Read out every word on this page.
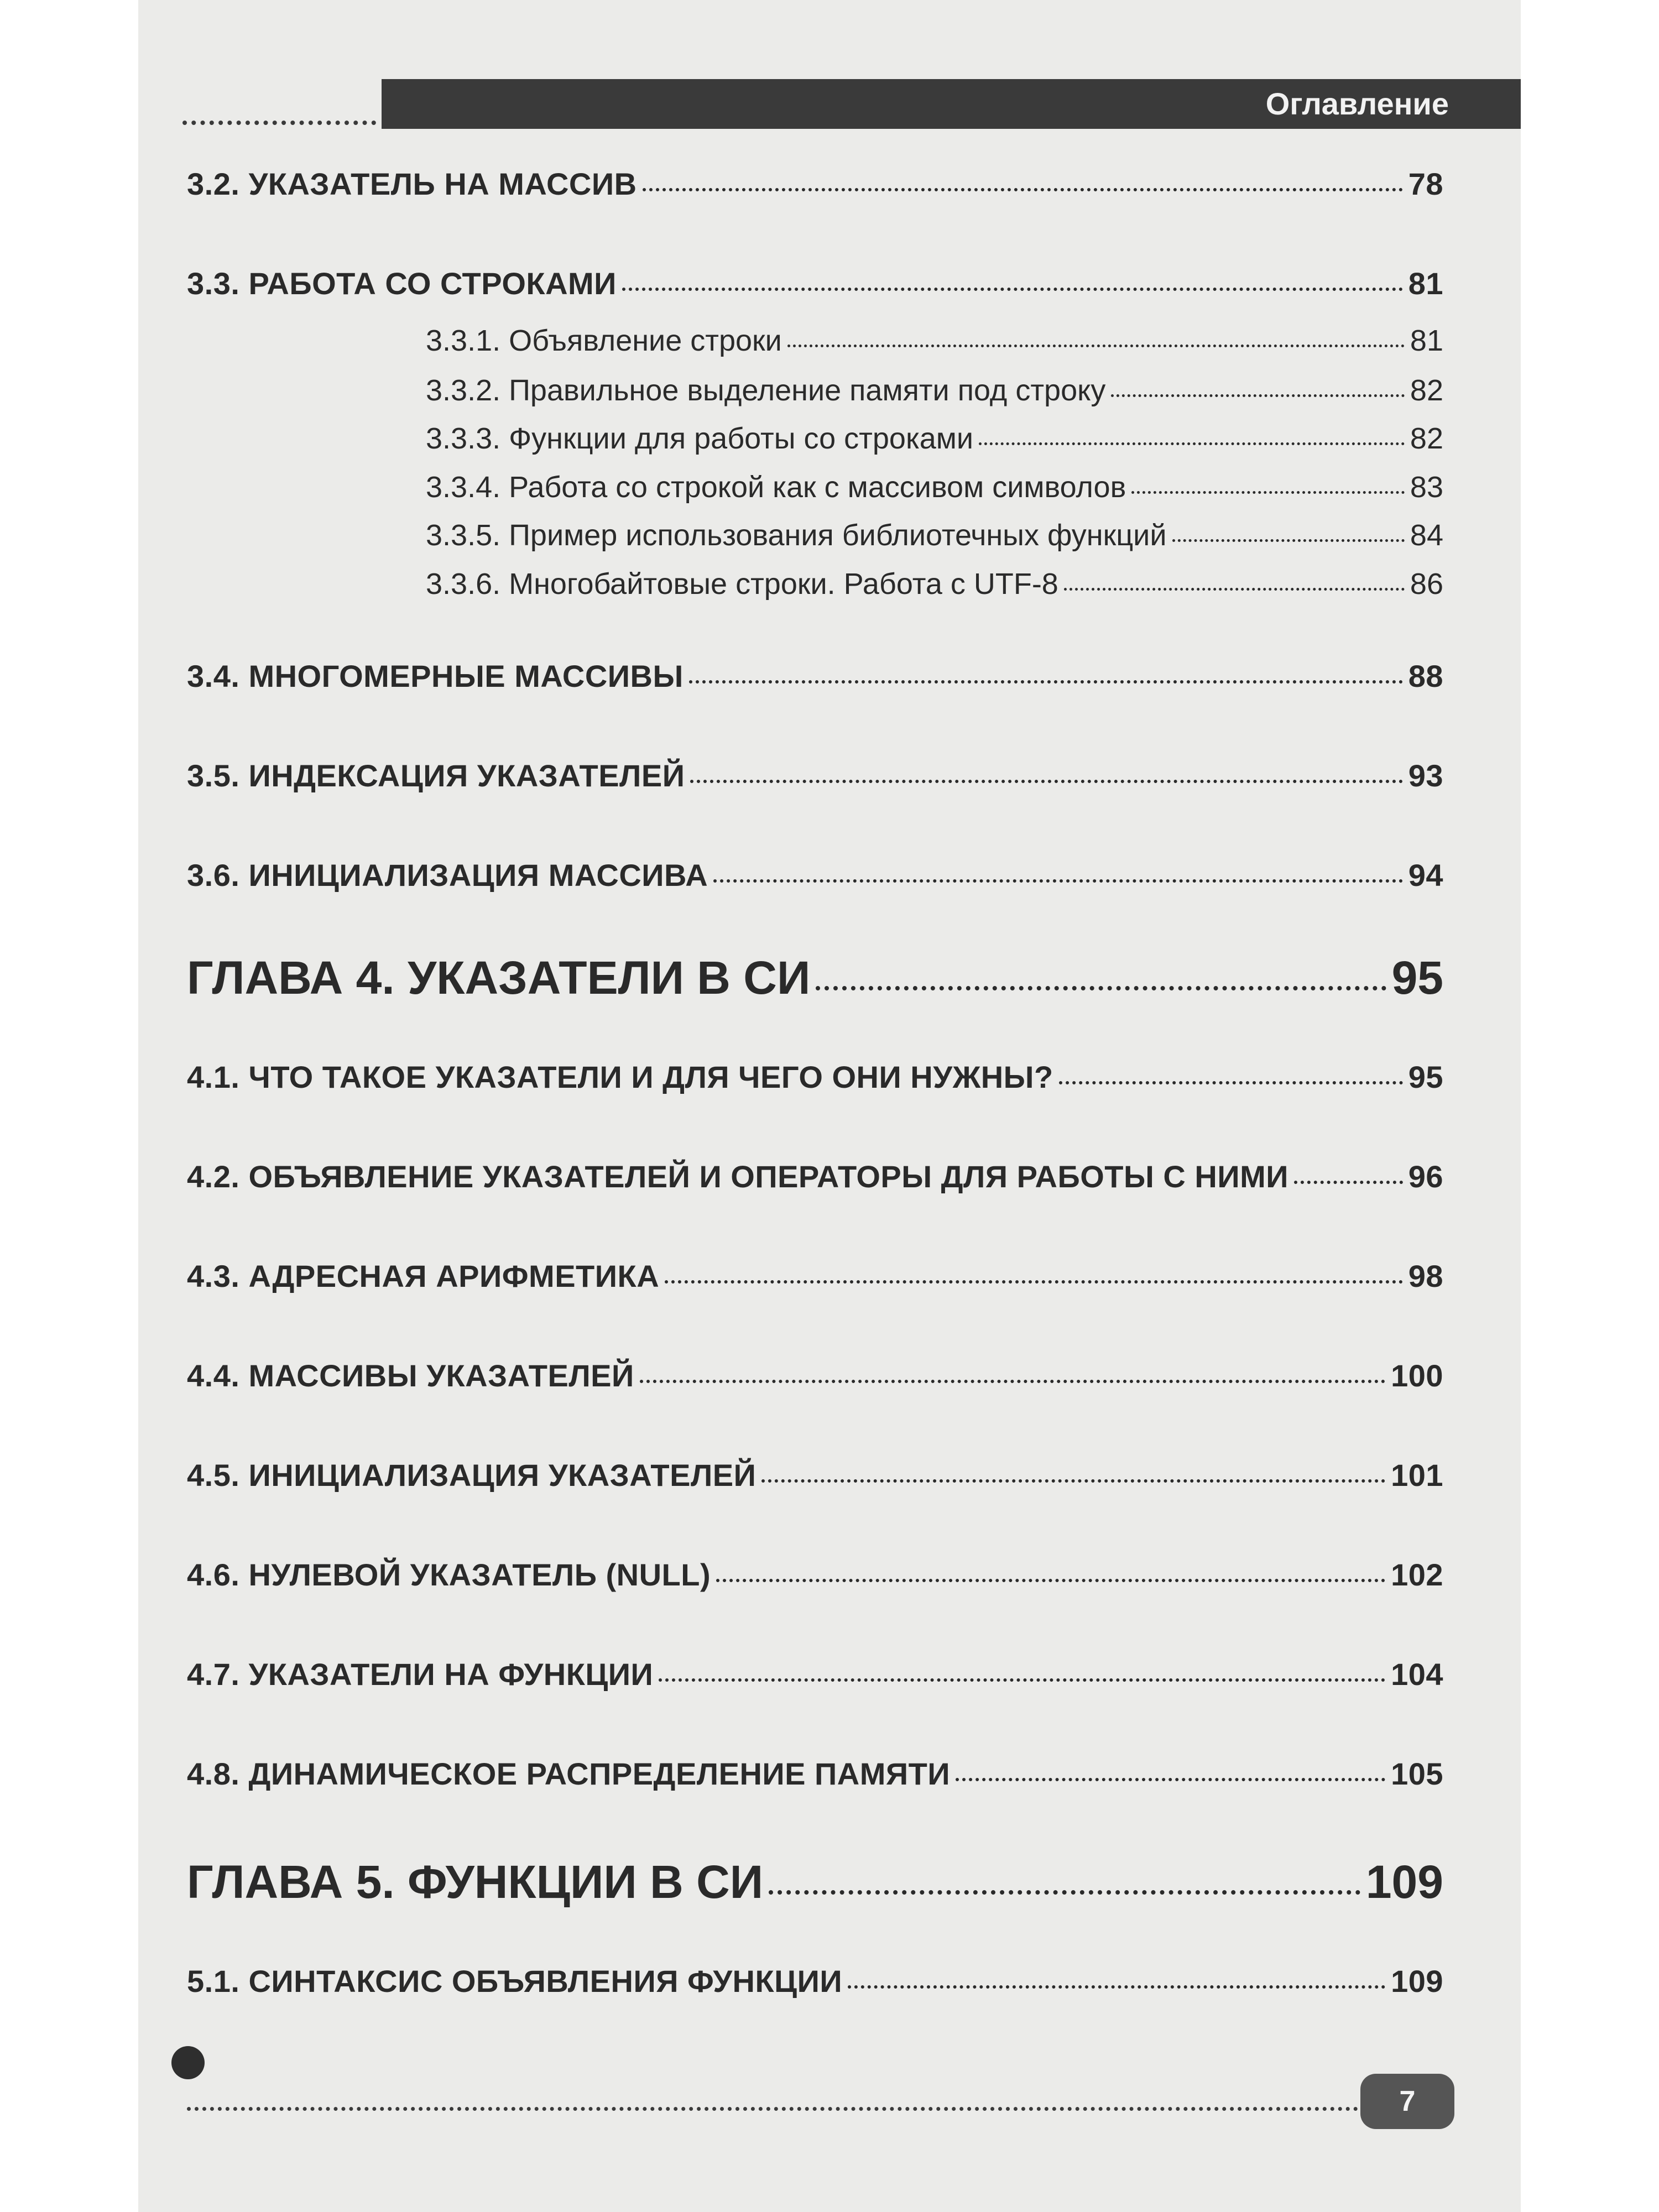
Оглавление
3.2. УКАЗАТЕЛЬ НА МАССИВ	78
3.3. РАБОТА СО СТРОКАМИ	81
3.3.1. Объявление строки	81
3.3.2. Правильное выделение памяти под строку	82
3.3.3. Функции для работы со строками	82
3.3.4. Работа со строкой как с массивом символов	83
3.3.5. Пример использования библиотечных функций	84
3.3.6. Многобайтовые строки. Работа с UTF-8	86
3.4. МНОГОМЕРНЫЕ МАССИВЫ	88
3.5. ИНДЕКСАЦИЯ УКАЗАТЕЛЕЙ	93
3.6. ИНИЦИАЛИЗАЦИЯ МАССИВА	94
ГЛАВА 4. УКАЗАТЕЛИ В СИ	95
4.1. ЧТО ТАКОЕ УКАЗАТЕЛИ И ДЛЯ ЧЕГО ОНИ НУЖНЫ?	95
4.2. ОБЪЯВЛЕНИЕ УКАЗАТЕЛЕЙ И ОПЕРАТОРЫ ДЛЯ РАБОТЫ С НИМИ	96
4.3. АДРЕСНАЯ АРИФМЕТИКА	98
4.4. МАССИВЫ УКАЗАТЕЛЕЙ	100
4.5. ИНИЦИАЛИЗАЦИЯ УКАЗАТЕЛЕЙ	101
4.6. НУЛЕВОЙ УКАЗАТЕЛЬ (NULL)	102
4.7. УКАЗАТЕЛИ НА ФУНКЦИИ	104
4.8. ДИНАМИЧЕСКОЕ РАСПРЕДЕЛЕНИЕ ПАМЯТИ	105
ГЛАВА 5. ФУНКЦИИ В СИ	109
5.1. СИНТАКСИС ОБЪЯВЛЕНИЯ ФУНКЦИИ	109
7
